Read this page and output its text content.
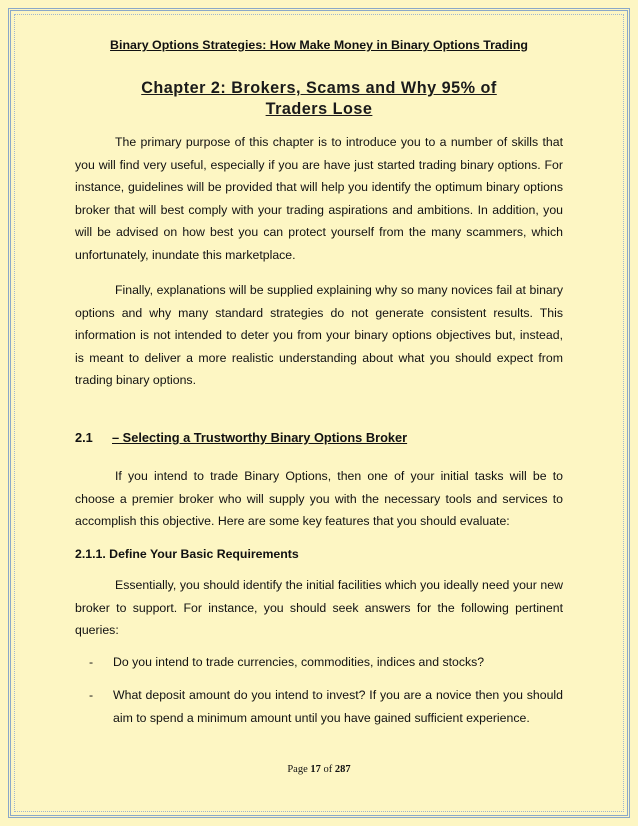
Binary Options Strategies: How Make Money in Binary Options Trading
Chapter 2: Brokers, Scams and Why 95% of
Traders Lose

The primary purpose of this chapter is to introduce you to a number of skills that you will find very useful, especially if you are have just started trading binary options. For instance, guidelines will be provided that will help you identify the optimum binary options broker that will best comply with your trading aspirations and ambitions. In addition, you will be advised on how best you can protect yourself from the many scammers, which unfortunately, inundate this marketplace.

Finally, explanations will be supplied explaining why so many novices fail at binary options and why many standard strategies do not generate consistent results. This information is not intended to deter you from your binary options objectives but, instead, is meant to deliver a more realistic understanding about what you should expect from trading binary options.

2.1 – Selecting a Trustworthy Binary Options Broker

If you intend to trade Binary Options, then one of your initial tasks will be to choose a premier broker who will supply you with the necessary tools and services to accomplish this objective. Here are some key features that you should evaluate:

2.1.1. Define Your Basic Requirements

Essentially, you should identify the initial facilities which you ideally need your new broker to support. For instance, you should seek answers for the following pertinent queries:

- Do you intend to trade currencies, commodities, indices and stocks?
- What deposit amount do you intend to invest? If you are a novice then you should aim to spend a minimum amount until you have gained sufficient experience.
Page 17 of 287
